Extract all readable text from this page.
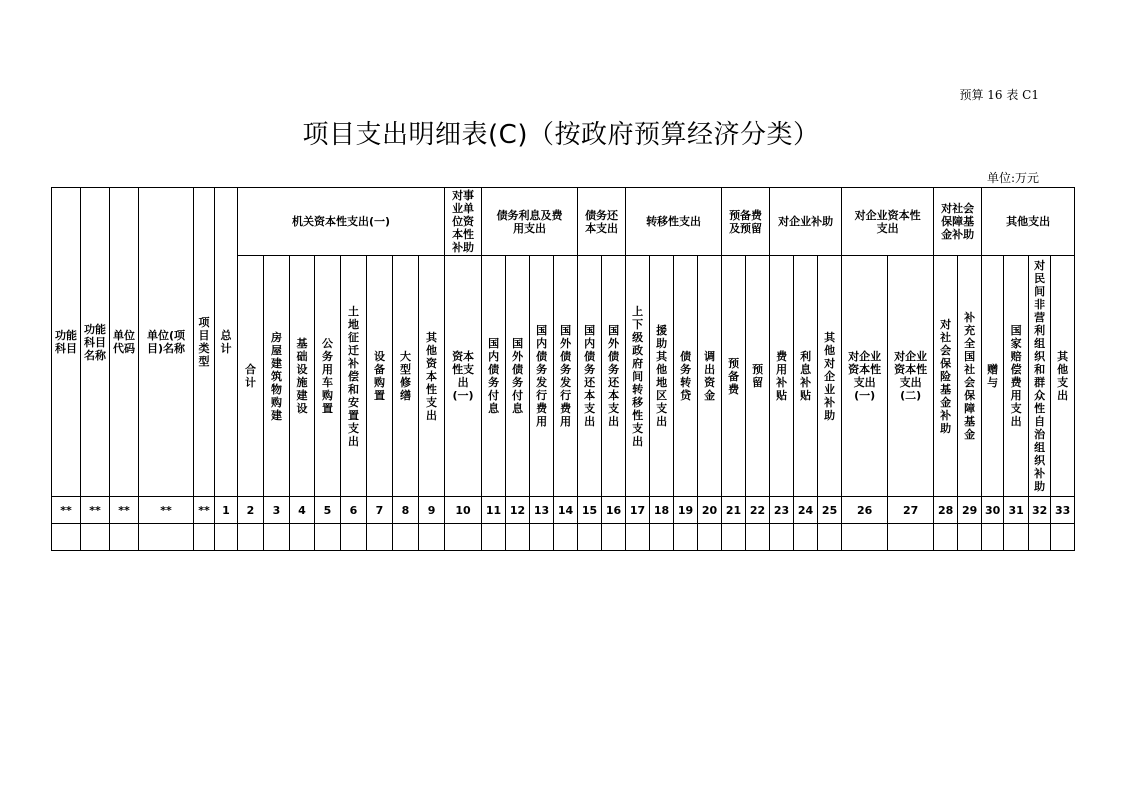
预算 16 表 C1
项目支出明细表(C)（按政府预算经济分类）
单位:万元
功能科目	功能科目名称	单位代码	单位(项目)名称	项目类型	总计	机关资本性支出(一)								对事业单位资本性补助	债务利息及费用支出				债务还本支出		转移性支出				预备费及预留		对企业补助			对企业资本性支出		对社会保障基金补助		其他支出			
						合计	房屋建筑物购建	基础设施建设	公务用车购置	土地征迁补偿和安置支出	设备购置	大型修缮	其他资本性支出	资本性支出(一)	国内债务付息	国外债务付息	国内债务发行费用	国外债务发行费用	国内债务还本支出	国外债务还本支出	上下级政府间转移性支出	援助其他地区支出	债务转贷	调出资金	预备费	预留	费用补贴	利息补贴	其他对企业补助	对企业资本性支出(一)	对企业资本性支出(二)	对社会保险基金补助	补充全国社会保障基金	赠与	国家赔偿费用支出	对民间非营利组织和群众性自治组织补助	其他支出
**	**	**	**	**	1	2	3	4	5	6	7	8	9	10	11	12	13	14	15	16	17	18	19	20	21	22	23	24	25	26	27	28	29	30	31	32	33
